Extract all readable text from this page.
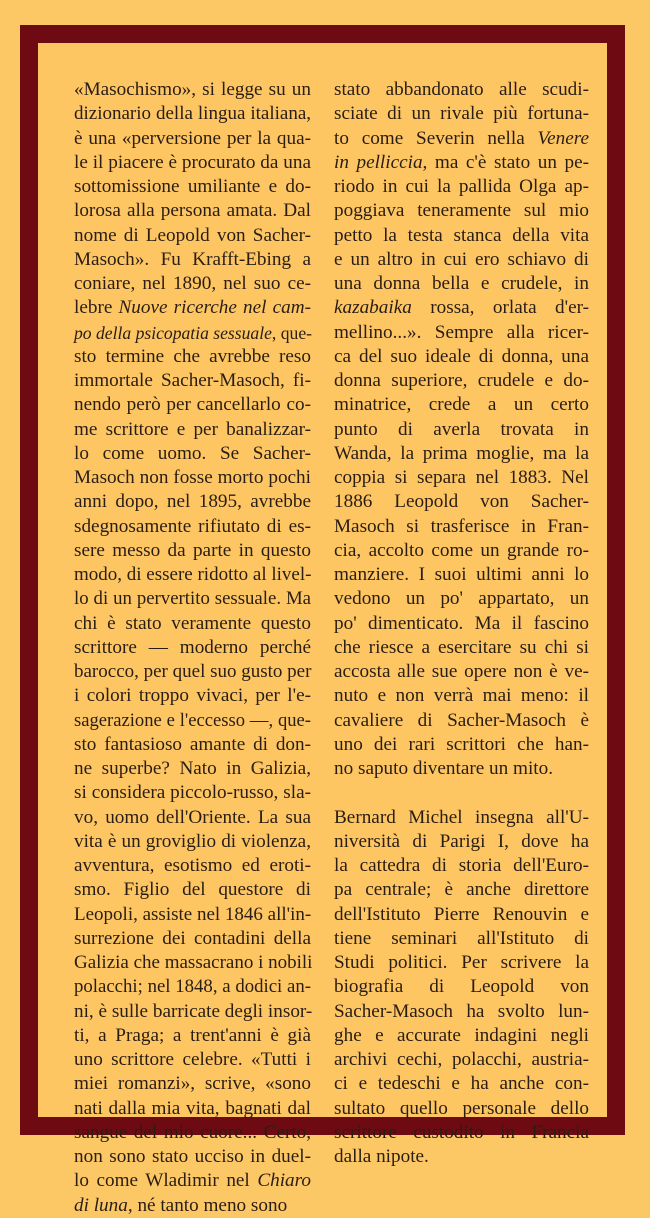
«Masochismo», si legge su un
dizionario della lingua italiana,
è una «perversione per la qua-
le il piacere è procurato da una
sottomissione umiliante e do-
lorosa alla persona amata. Dal
nome di Leopold von Sacher-
Masoch». Fu Krafft-Ebing a
coniare, nel 1890, nel suo ce-
lebre Nuove ricerche nel cam-
po della psicopatia sessuale, que-
sto termine che avrebbe reso
immortale Sacher-Masoch, fi-
nendo però per cancellarlo co-
me scrittore e per banalizzar-
lo come uomo. Se Sacher-
Masoch non fosse morto pochi
anni dopo, nel 1895, avrebbe
sdegnosamente rifiutato di es-
sere messo da parte in questo
modo, di essere ridotto al livel-
lo di un pervertito sessuale. Ma
chi è stato veramente questo
scrittore — moderno perché
barocco, per quel suo gusto per
i colori troppo vivaci, per l'e-
sagerazione e l'eccesso —, que-
sto fantasioso amante di don-
ne superbe? Nato in Galizia,
si considera piccolo-russo, sla-
vo, uomo dell'Oriente. La sua
vita è un groviglio di violenza,
avventura, esotismo ed eroti-
smo. Figlio del questore di
Leopoli, assiste nel 1846 all'in-
surrezione dei contadini della
Galizia che massacrano i nobili
polacchi; nel 1848, a dodici an-
ni, è sulle barricate degli insor-
ti, a Praga; a trent'anni è già
uno scrittore celebre. «Tutti i
miei romanzi», scrive, «sono
nati dalla mia vita, bagnati dal
sangue del mio cuore... Certo,
non sono stato ucciso in duel-
lo come Wladimir nel Chiaro
di luna, né tanto meno sono
stato abbandonato alle scudi-
sciate di un rivale più fortuna-
to come Severin nella Venere
in pelliccia, ma c'è stato un pe-
riodo in cui la pallida Olga ap-
poggiava teneramente sul mio
petto la testa stanca della vita
e un altro in cui ero schiavo di
una donna bella e crudele, in
kazabaika rossa, orlata d'er-
mellino...». Sempre alla ricer-
ca del suo ideale di donna, una
donna superiore, crudele e do-
minatrice, crede a un certo
punto di averla trovata in
Wanda, la prima moglie, ma la
coppia si separa nel 1883. Nel
1886 Leopold von Sacher-
Masoch si trasferisce in Fran-
cia, accolto come un grande ro-
manziere. I suoi ultimi anni lo
vedono un po' appartato, un
po' dimenticato. Ma il fascino
che riesce a esercitare su chi si
accosta alle sue opere non è ve-
nuto e non verrà mai meno: il
cavaliere di Sacher-Masoch è
uno dei rari scrittori che han-
no saputo diventare un mito.
Bernard Michel insegna all'U-
niversità di Parigi I, dove ha
la cattedra di storia dell'Euro-
pa centrale; è anche direttore
dell'Istituto Pierre Renouvin e
tiene seminari all'Istituto di
Studi politici. Per scrivere la
biografia di Leopold von
Sacher-Masoch ha svolto lun-
ghe e accurate indagini negli
archivi cechi, polacchi, austria-
ci e tedeschi e ha anche con-
sultato quello personale dello
scrittore custodito in Francia
dalla nipote.
